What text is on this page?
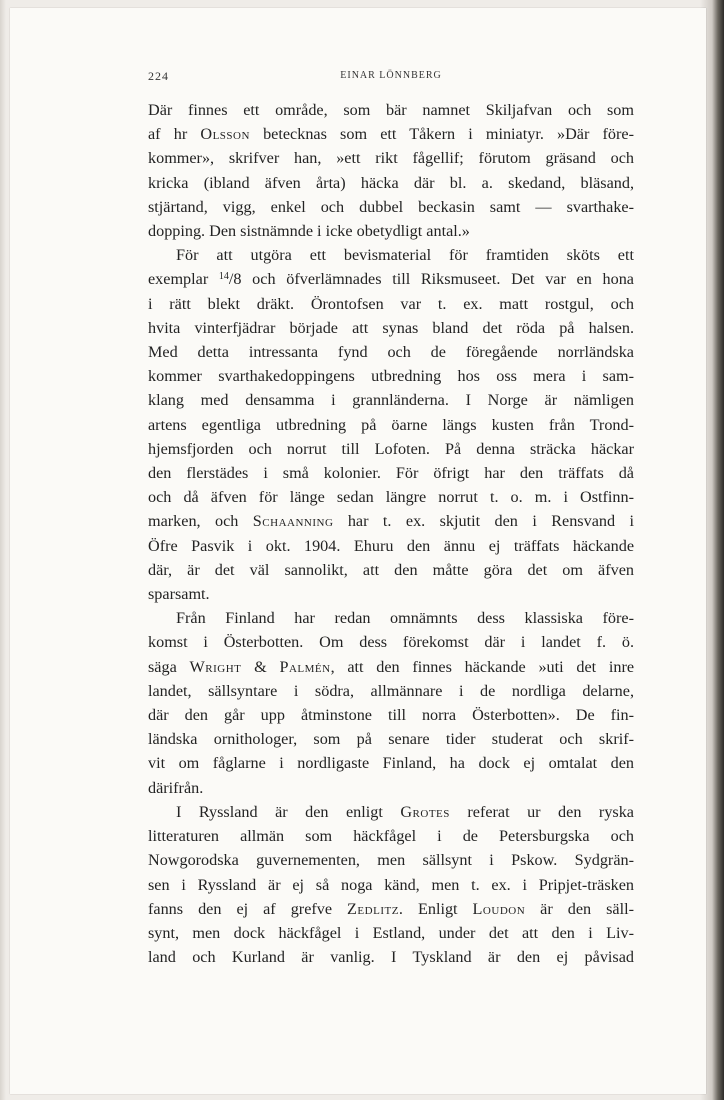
224	EINAR LÖNNBERG
Där finnes ett område, som bär namnet Skiljafvan och som
af hr Olsson betecknas som ett Tåkern i miniatyr. »Där före-
kommer», skrifver han, »ett rikt fågellif; förutom gräsand och
kricka (ibland äfven årta) häcka där bl. a. skedand, bläsand,
stjärtand, vigg, enkel och dubbel beckasin samt — svarthake-
dopping. Den sistnämnde i icke obetydligt antal.»
För att utgöra ett bevismaterial för framtiden sköts ett
exemplar $^{14}$/8 och öfverlämnades till Riksmuseet. Det var en hona
i rätt blekt dräkt. Örontofsen var t. ex. matt rostgul, och
hvita vinterfjädrar började att synas bland det röda på halsen.
Med detta intressanta fynd och de föregående norrländska
kommer svarthakedoppingens utbredning hos oss mera i sam-
klang med densamma i grannländerna. I Norge är nämligen
artens egentliga utbredning på öarne längs kusten från Trond-
hjemsfjorden och norrut till Lofoten. På denna sträcka häckar
den flerstädes i små kolonier. För öfrigt har den träffats då
och då äfven för länge sedan längre norrut t. o. m. i Ostfinn-
marken, och Schaanning har t. ex. skjutit den i Rensvand i
Öfre Pasvik i okt. 1904. Ehuru den ännu ej träffats häckande
där, är det väl sannolikt, att den måtte göra det om äfven
sparsamt.
Från Finland har redan omnämnts dess klassiska före-
komst i Österbotten. Om dess förekomst där i landet f. ö.
säga Wright & Palmén, att den finnes häckande »uti det inre
landet, sällsyntare i södra, allmännare i de nordliga delarne,
där den går upp åtminstone till norra Österbotten». De fin-
ländska ornithologer, som på senare tider studerat och skrif-
vit om fåglarne i nordligaste Finland, ha dock ej omtalat den
därifrån.
I Ryssland är den enligt Grotes referat ur den ryska
litteraturen allmän som häckfågel i de Petersburgska och
Nowgorodska guvernementen, men sällsynt i Pskow. Sydgrän-
sen i Ryssland är ej så noga känd, men t. ex. i Pripjet-träsken
fanns den ej af grefve Zedlitz. Enligt Loudon är den säll-
synt, men dock häckfågel i Estland, under det att den i Liv-
land och Kurland är vanlig. I Tyskland är den ej påvisad
